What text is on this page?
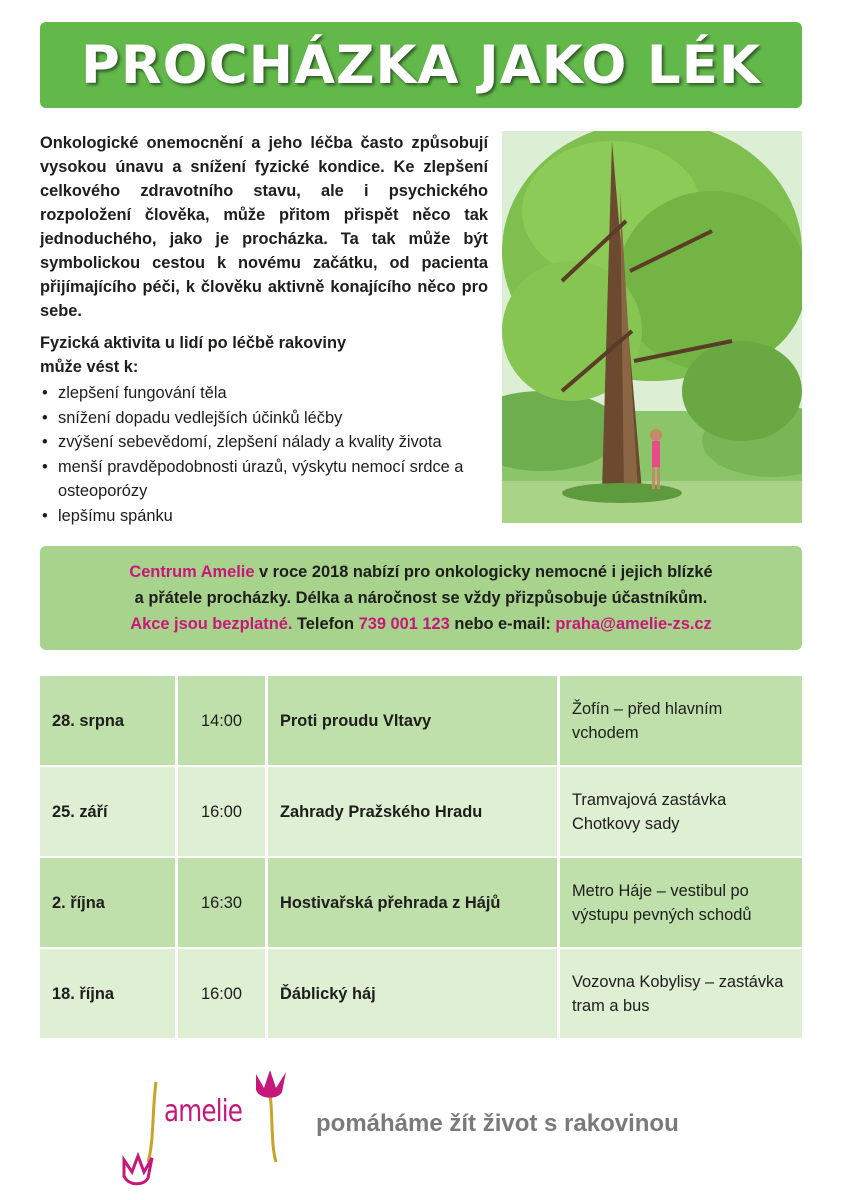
PROCHÁZKA JAKO LÉK

Onkologické onemocnění a jeho léčba často způsobují vysokou únavu a snížení fyzické kondice. Ke zlepšení celkového zdravotního stavu, ale i psychického rozpoložení člověka, může přitom přispět něco tak jednoduchého, jako je procházka. Ta tak může být symbolickou cestou k novému začátku, od pacienta přijímajícího péči, k člověku aktivně konajícího něco pro sebe.

Fyzická aktivita u lidí po léčbě rakoviny
může vést k:
• zlepšení fungování těla
• snížení dopadu vedlejších účinků léčby
• zvýšení sebevědomí, zlepšení nálady a kvality života
• menší pravděpodobnosti úrazů, výskytu nemocí srdce a osteoporózy
• lepšímu spánku
Centrum Amelie v roce 2018 nabízí pro onkologicky nemocné i jejich blízké
a přátele procházky. Délka a náročnost se vždy přizpůsobuje účastníkům.
Akce jsou bezplatné. Telefon 739 001 123 nebo e-mail: praha@amelie-zs.cz
28. srpna	14:00	Proti proudu Vltavy	Žofín – před hlavním vchodem
25. září	16:00	Zahrady Pražského Hradu	Tramvajová zastávka Chotkovy sady
2. října	16:30	Hostivařská přehrada z Hájů	Metro Háje – vestibul po výstupu pevných schodů
18. října	16:00	Ďáblický háj	Vozovna Kobylisy – zastávka tram a bus
amelie	pomáháme žít život s rakovinou
